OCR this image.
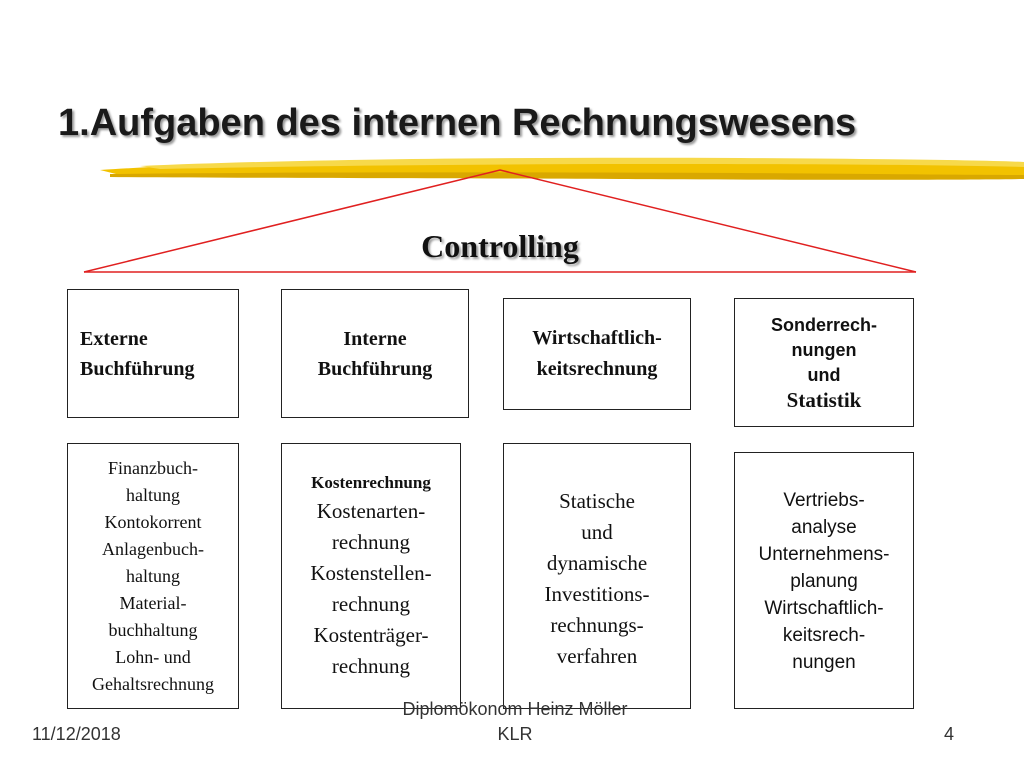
1.Aufgaben des internen Rechnungswesens
Controlling
Externe
Buchführung
Interne
Buchführung
Wirtschaftlich-
keitsrechnung
Sonderrech-
nungen
und
Statistik
Finanzbuch-
haltung
Kontokorrent
Anlagenbuch-
haltung
Material-
buchhaltung
Lohn- und
Gehaltsrechnung
Kostenrechnung
Kostenarten-
rechnung
Kostenstellen-
rechnung
Kostenträger-
rechnung
Statische
und
dynamische
Investitions-
rechnungs-
verfahren
Vertriebs-
analyse
Unternehmens-
planung
Wirtschaftlich-
keitsrech-
nungen
11/12/2018
Diplomökonom Heinz Möller
KLR	4
